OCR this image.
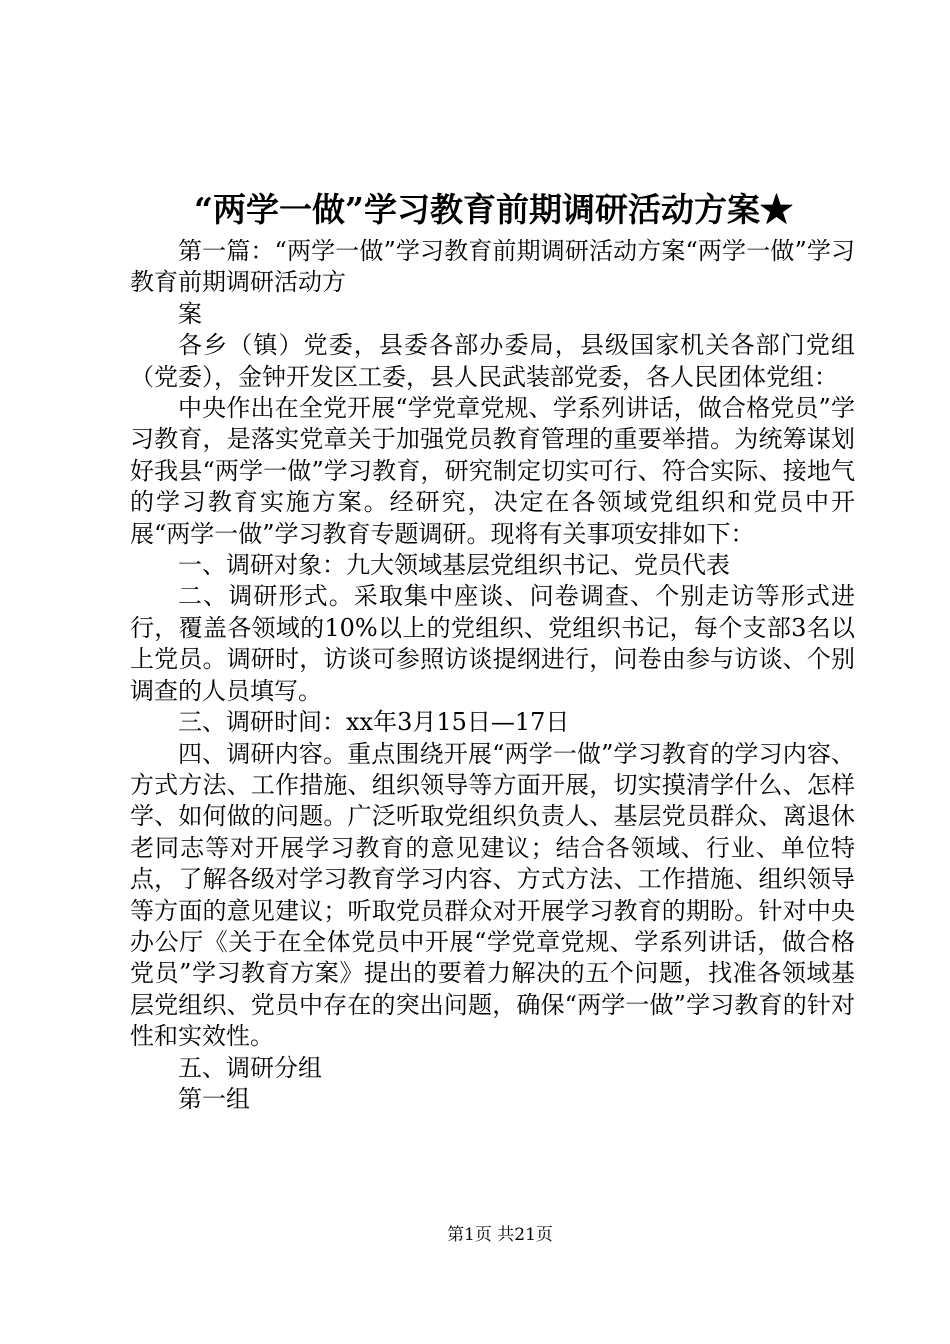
“两学一做”学习教育前期调研活动方案★

第一篇：“两学一做”学习教育前期调研活动方案“两学一做”学习教育前期调研活动方

案

各乡（镇）党委，县委各部办委局，县级国家机关各部门党组（党委），金钟开发区工委，县人民武装部党委，各人民团体党组：

中央作出在全党开展“学党章党规、学系列讲话，做合格党员”学习教育，是落实党章关于加强党员教育管理的重要举措。为统筹谋划好我县“两学一做”学习教育，研究制定切实可行、符合实际、接地气的学习教育实施方案。经研究，决定在各领域党组织和党员中开展“两学一做”学习教育专题调研。现将有关事项安排如下：

一、调研对象：九大领域基层党组织书记、党员代表

二、调研形式。采取集中座谈、问卷调查、个别走访等形式进行，覆盖各领域的10%以上的党组织、党组织书记，每个支部3名以上党员。调研时，访谈可参照访谈提纲进行，问卷由参与访谈、个别调查的人员填写。

三、调研时间：xx年3月15日—17日

四、调研内容。重点围绕开展“两学一做”学习教育的学习内容、方式方法、工作措施、组织领导等方面开展，切实摸清学什么、怎样学、如何做的问题。广泛听取党组织负责人、基层党员群众、离退休老同志等对开展学习教育的意见建议；结合各领域、行业、单位特点，了解各级对学习教育学习内容、方式方法、工作措施、组织领导等方面的意见建议；听取党员群众对开展学习教育的期盼。针对中央办公厅《关于在全体党员中开展“学党章党规、学系列讲话，做合格党员”学习教育方案》提出的要着力解决的五个问题，找准各领域基层党组织、党员中存在的突出问题，确保“两学一做”学习教育的针对性和实效性。

五、调研分组

第一组

第1页 共21页
